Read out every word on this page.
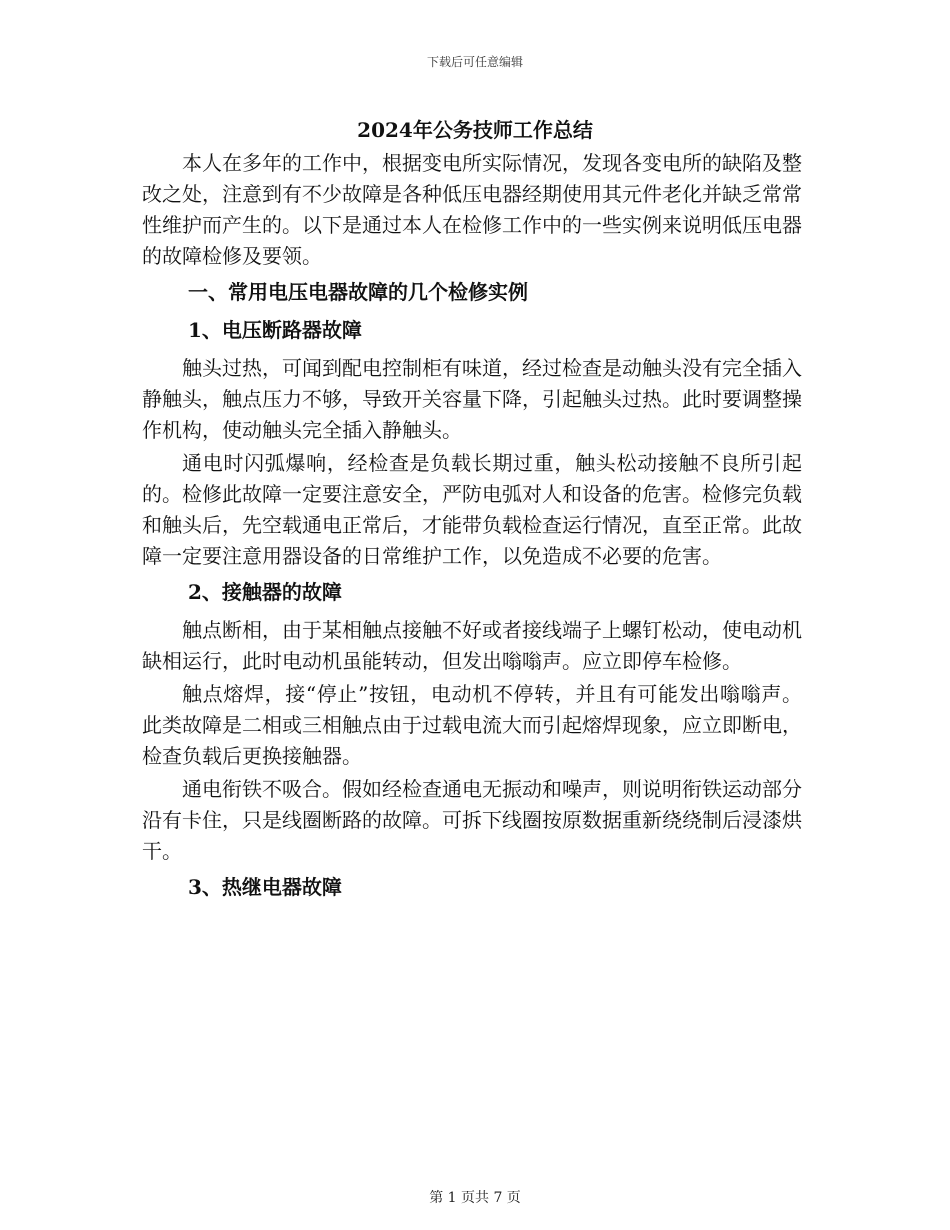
下载后可任意编辑
2024年公务技师工作总结

本人在多年的工作中，根据变电所实际情况，发现各变电所的缺陷及整改之处，注意到有不少故障是各种低压电器经期使用其元件老化并缺乏常常性维护而产生的。以下是通过本人在检修工作中的一些实例来说明低压电器的故障检修及要领。

一、常用电压电器故障的几个检修实例
1、电压断路器故障

触头过热，可闻到配电控制柜有味道，经过检查是动触头没有完全插入静触头，触点压力不够，导致开关容量下降，引起触头过热。此时要调整操作机构，使动触头完全插入静触头。

通电时闪弧爆响，经检查是负载长期过重，触头松动接触不良所引起的。检修此故障一定要注意安全，严防电弧对人和设备的危害。检修完负载和触头后，先空载通电正常后，才能带负载检查运行情况，直至正常。此故障一定要注意用器设备的日常维护工作，以免造成不必要的危害。

2、接触器的故障

触点断相，由于某相触点接触不好或者接线端子上螺钉松动，使电动机缺相运行，此时电动机虽能转动，但发出嗡嗡声。应立即停车检修。

触点熔焊，接“停止”按钮，电动机不停转，并且有可能发出嗡嗡声。此类故障是二相或三相触点由于过载电流大而引起熔焊现象，应立即断电，检查负载后更换接触器。

通电衔铁不吸合。假如经检查通电无振动和噪声，则说明衔铁运动部分沿有卡住，只是线圈断路的故障。可拆下线圈按原数据重新绕绕制后浸漆烘干。

3、热继电器故障
第 1 页共 7 页
